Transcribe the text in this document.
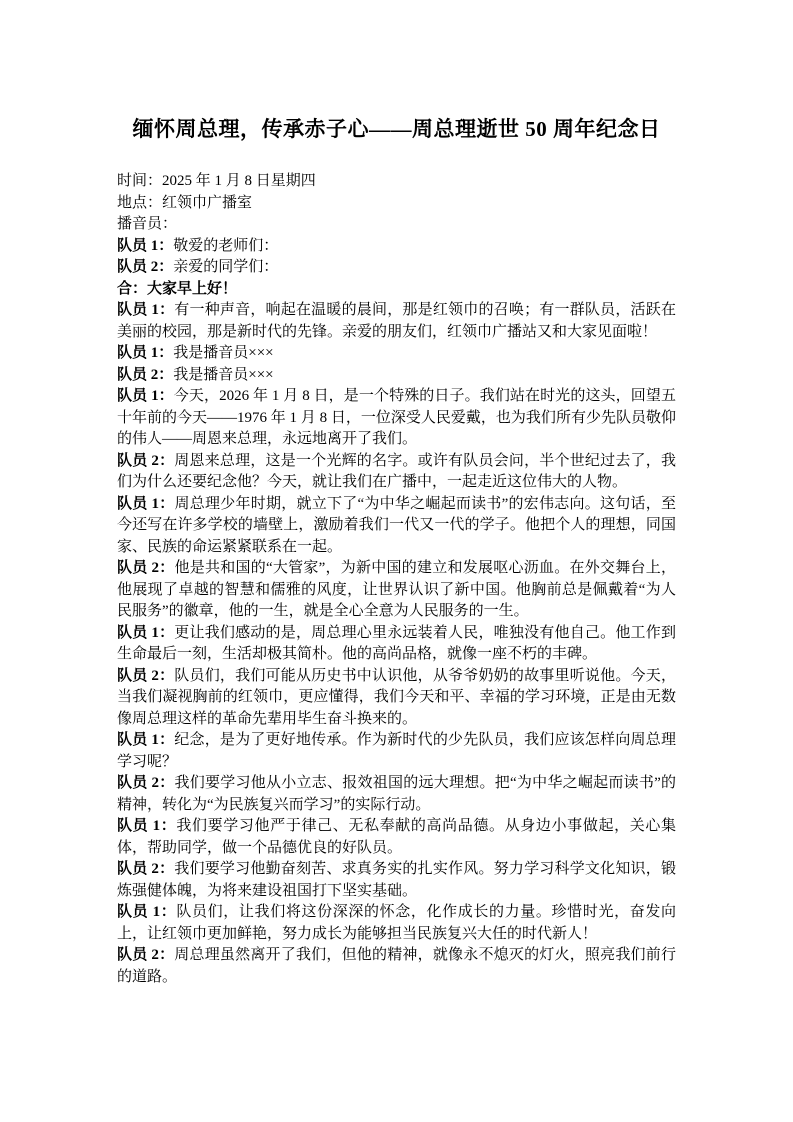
缅怀周总理，传承赤子心——周总理逝世 50 周年纪念日

时间：2025 年 1 月 8 日星期四

地点：红领巾广播室

播音员：

队员 1：敬爱的老师们：

队员 2：亲爱的同学们：

合：大家早上好！

队员 1：有一种声音，响起在温暖的晨间，那是红领巾的召唤；有一群队员，活跃在美丽的校园，那是新时代的先锋。亲爱的朋友们，红领巾广播站又和大家见面啦！

队员 1：我是播音员×××

队员 2：我是播音员×××

队员 1：今天，2026 年 1 月 8 日，是一个特殊的日子。我们站在时光的这头，回望五十年前的今天——1976 年 1 月 8 日，一位深受人民爱戴，也为我们所有少先队员敬仰的伟人——周恩来总理，永远地离开了我们。

队员 2：周恩来总理，这是一个光辉的名字。或许有队员会问，半个世纪过去了，我们为什么还要纪念他？今天，就让我们在广播中，一起走近这位伟大的人物。

队员 1：周总理少年时期，就立下了“为中华之崛起而读书”的宏伟志向。这句话，至今还写在许多学校的墙壁上，激励着我们一代又一代的学子。他把个人的理想，同国家、民族的命运紧紧联系在一起。

队员 2：他是共和国的“大管家”，为新中国的建立和发展呕心沥血。在外交舞台上，他展现了卓越的智慧和儒雅的风度，让世界认识了新中国。他胸前总是佩戴着“为人民服务”的徽章，他的一生，就是全心全意为人民服务的一生。

队员 1：更让我们感动的是，周总理心里永远装着人民，唯独没有他自己。他工作到生命最后一刻，生活却极其简朴。他的高尚品格，就像一座不朽的丰碑。

队员 2：队员们，我们可能从历史书中认识他，从爷爷奶奶的故事里听说他。今天，当我们凝视胸前的红领巾，更应懂得，我们今天和平、幸福的学习环境，正是由无数像周总理这样的革命先辈用毕生奋斗换来的。

队员 1：纪念，是为了更好地传承。作为新时代的少先队员，我们应该怎样向周总理学习呢？

队员 2：我们要学习他从小立志、报效祖国的远大理想。把“为中华之崛起而读书”的精神，转化为“为民族复兴而学习”的实际行动。

队员 1：我们要学习他严于律己、无私奉献的高尚品德。从身边小事做起，关心集体，帮助同学，做一个品德优良的好队员。

队员 2：我们要学习他勤奋刻苦、求真务实的扎实作风。努力学习科学文化知识，锻炼强健体魄，为将来建设祖国打下坚实基础。

队员 1：队员们，让我们将这份深深的怀念，化作成长的力量。珍惜时光，奋发向上，让红领巾更加鲜艳，努力成长为能够担当民族复兴大任的时代新人！

队员 2：周总理虽然离开了我们，但他的精神，就像永不熄灭的灯火，照亮我们前行的道路。
